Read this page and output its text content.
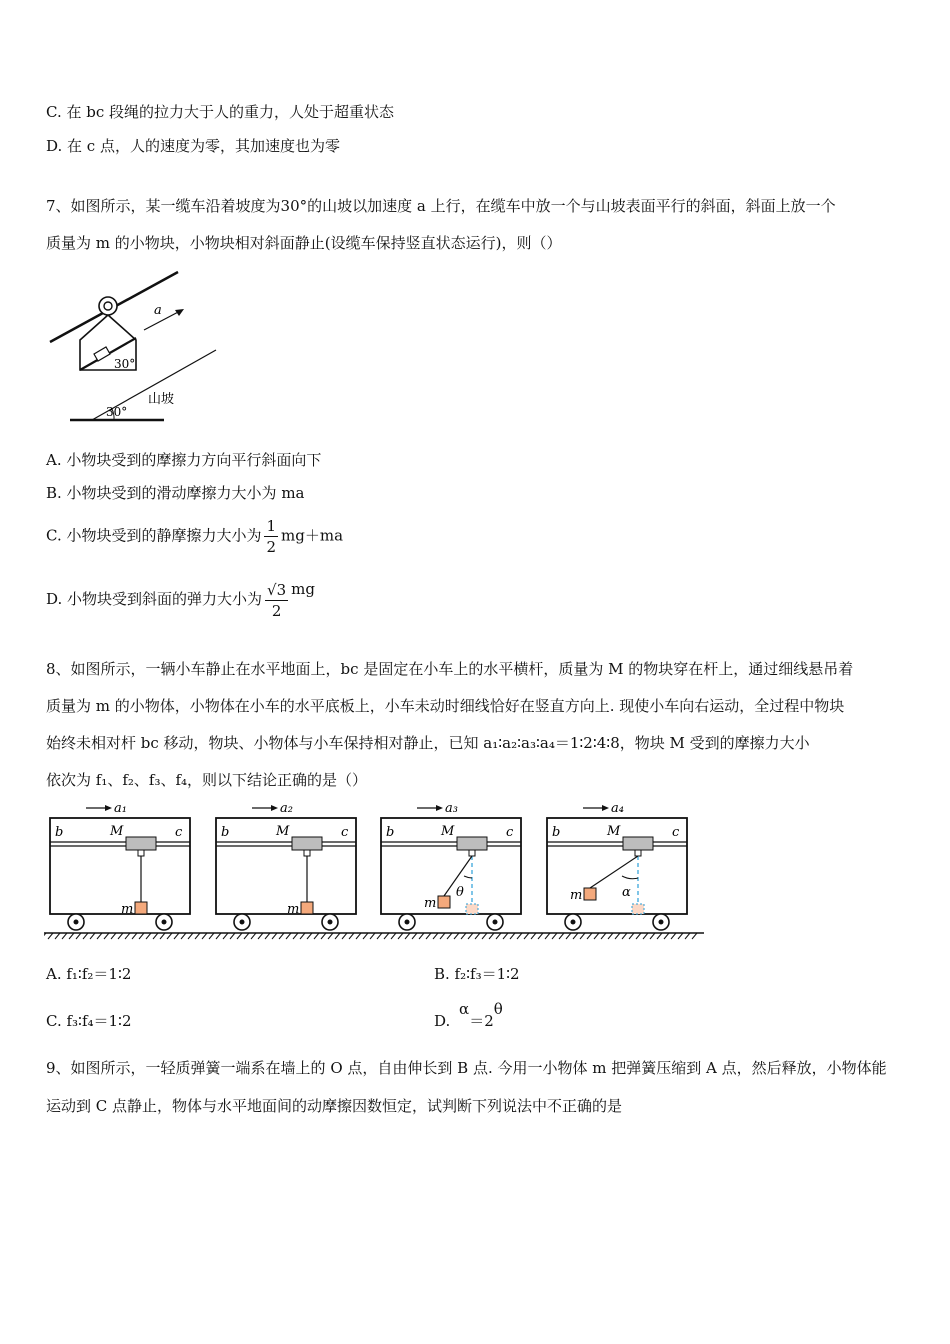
C. 在 bc 段绳的拉力大于人的重力，人处于超重状态
D. 在 c 点，人的速度为零，其加速度也为零
7、如图所示，某一缆车沿着坡度为30°的山坡以加速度 a 上行，在缆车中放一个与山坡表面平行的斜面，斜面上放一个
质量为 m 的小物块，小物块相对斜面静止(设缆车保持竖直状态运行)，则（）
30°
a
30°
山坡
A. 小物块受到的摩擦力方向平行斜面向下
B. 小物块受到的滑动摩擦力大小为 ma
C. 小物块受到的静摩擦力大小为 $\frac{1}{2} mg+ma$
D. 小物块受到斜面的弹力大小为 $\frac{√3}{2}$ mg
8、如图所示，一辆小车静止在水平地面上，bc 是固定在小车上的水平横杆，质量为 M 的物块穿在杆上，通过细线悬吊着
质量为 m 的小物体，小物体在小车的水平底板上，小车未动时细线恰好在竖直方向上. 现使小车向右运动，全过程中物块
始终未相对杆 bc 移动，物块、小物体与小车保持相对静止，已知 a₁∶a₂∶a₃∶a₄＝1∶2∶4∶8，物块 M 受到的摩擦力大小
依次为 f₁、f₂、f₃、f₄，则以下结论正确的是（）
a₁
b	c
M
m
a₂
b	c
M
m
a₃
b	c
M
θ
m
a₄
b	c
M
α
m
A. f₁∶f₂＝1∶2	B. f₂∶f₃＝1∶2
C. f₃∶f₄＝1∶2	D. α＝2θ
9、如图所示，一轻质弹簧一端系在墙上的 O 点，自由伸长到 B 点. 今用一小物体 m 把弹簧压缩到 A 点，然后释放，小物体能
运动到 C 点静止，物体与水平地面间的动摩擦因数恒定，试判断下列说法中不正确的是
